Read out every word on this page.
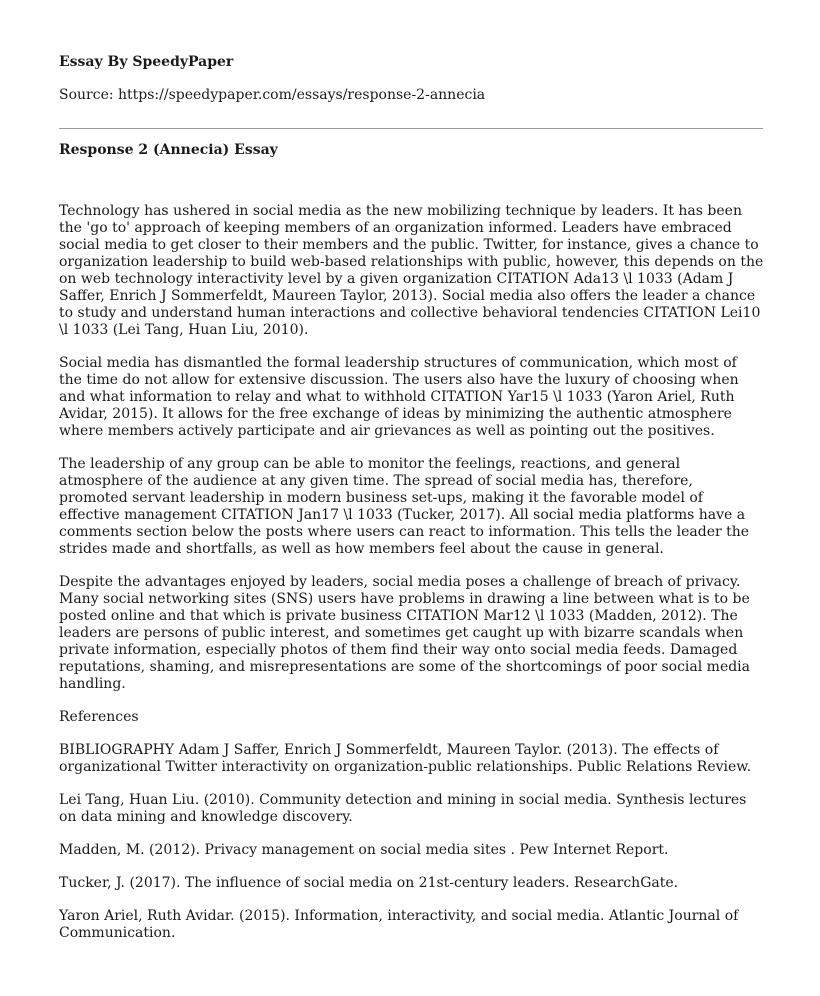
Essay By SpeedyPaper
Source: https://speedypaper.com/essays/response-2-annecia
Response 2 (Annecia) Essay

Technology has ushered in social media as the new mobilizing technique by leaders. It has been the 'go to' approach of keeping members of an organization informed. Leaders have embraced social media to get closer to their members and the public. Twitter, for instance, gives a chance to organization leadership to build web-based relationships with public, however, this depends on the on web technology interactivity level by a given organization CITATION Ada13 \l 1033 (Adam J Saffer, Enrich J Sommerfeldt, Maureen Taylor, 2013). Social media also offers the leader a chance to study and understand human interactions and collective behavioral tendencies CITATION Lei10 \l 1033 (Lei Tang, Huan Liu, 2010).

Social media has dismantled the formal leadership structures of communication, which most of the time do not allow for extensive discussion. The users also have the luxury of choosing when and what information to relay and what to withhold CITATION Yar15 \l 1033 (Yaron Ariel, Ruth Avidar, 2015). It allows for the free exchange of ideas by minimizing the authentic atmosphere where members actively participate and air grievances as well as pointing out the positives.

The leadership of any group can be able to monitor the feelings, reactions, and general atmosphere of the audience at any given time. The spread of social media has, therefore, promoted servant leadership in modern business set-ups, making it the favorable model of effective management CITATION Jan17 \l 1033 (Tucker, 2017). All social media platforms have a comments section below the posts where users can react to information. This tells the leader the strides made and shortfalls, as well as how members feel about the cause in general.

Despite the advantages enjoyed by leaders, social media poses a challenge of breach of privacy. Many social networking sites (SNS) users have problems in drawing a line between what is to be posted online and that which is private business CITATION Mar12 \l 1033 (Madden, 2012). The leaders are persons of public interest, and sometimes get caught up with bizarre scandals when private information, especially photos of them find their way onto social media feeds. Damaged reputations, shaming, and misrepresentations are some of the shortcomings of poor social media handling.

References

BIBLIOGRAPHY Adam J Saffer, Enrich J Sommerfeldt, Maureen Taylor. (2013). The effects of organizational Twitter interactivity on organization-public relationships. Public Relations Review.

Lei Tang, Huan Liu. (2010). Community detection and mining in social media. Synthesis lectures on data mining and knowledge discovery.

Madden, M. (2012). Privacy management on social media sites . Pew Internet Report.

Tucker, J. (2017). The influence of social media on 21st-century leaders. ResearchGate.

Yaron Ariel, Ruth Avidar. (2015). Information, interactivity, and social media. Atlantic Journal of Communication.
